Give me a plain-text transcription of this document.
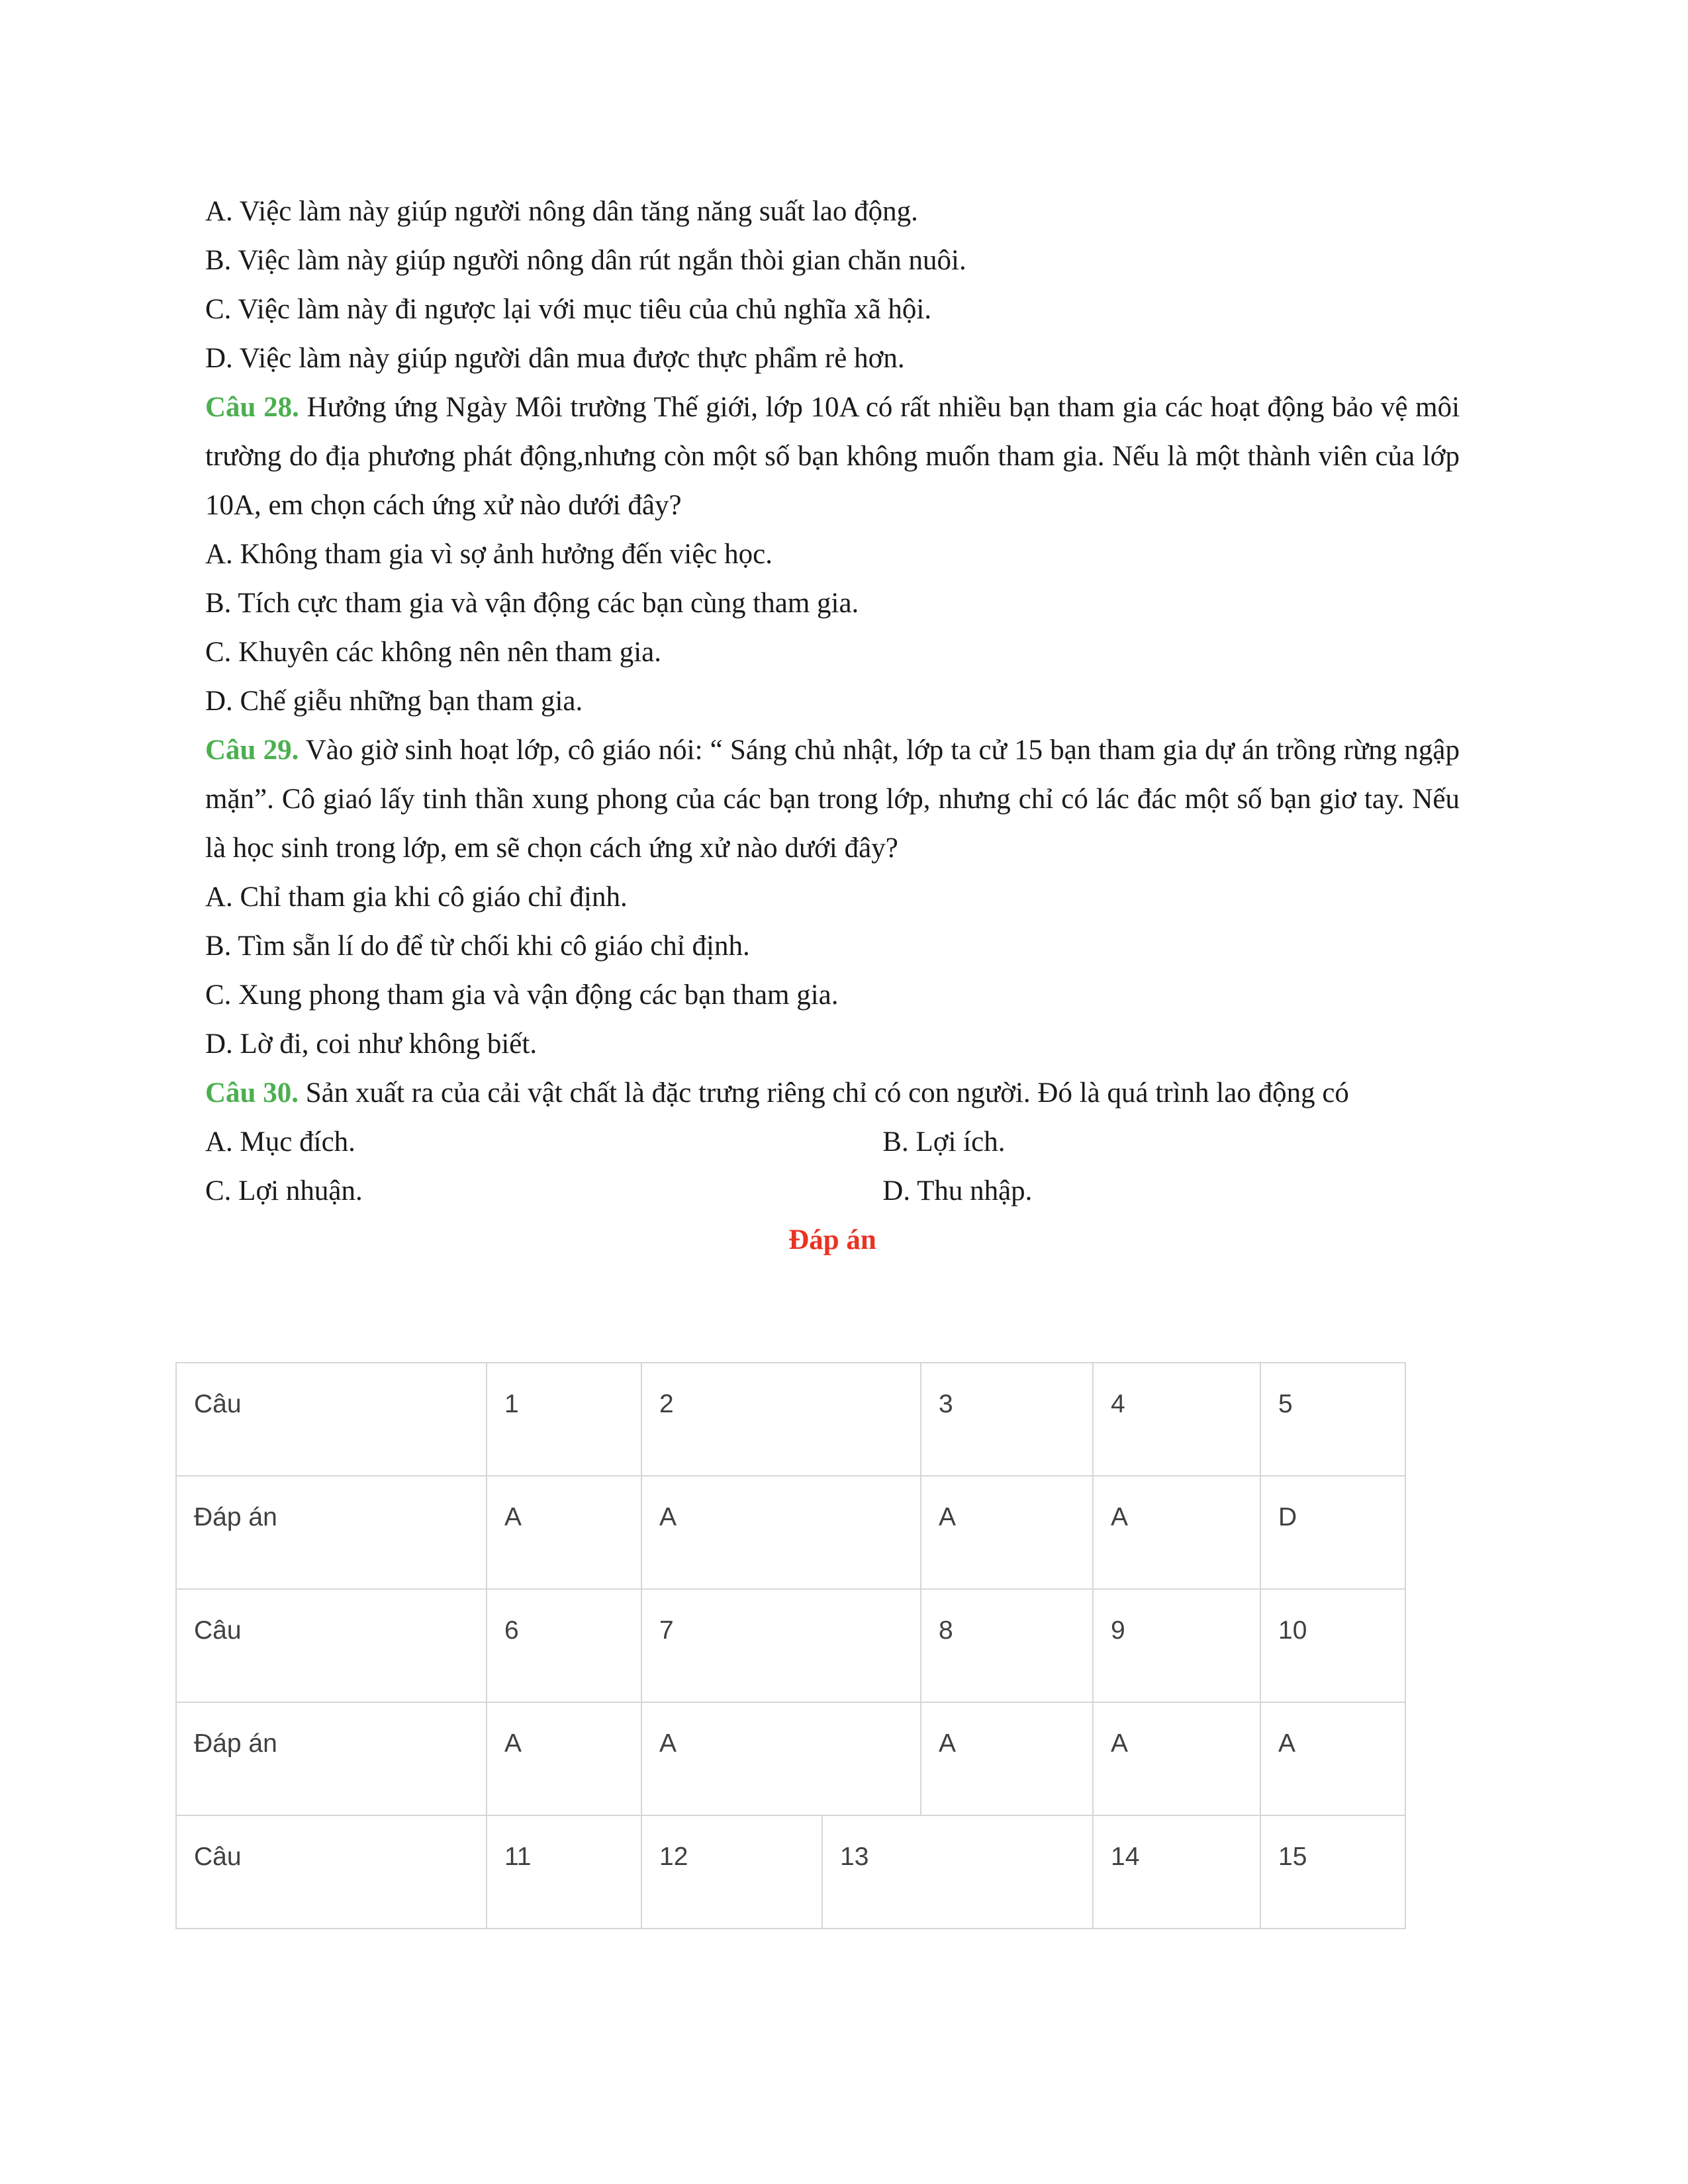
A. Việc làm này giúp người nông dân tăng năng suất lao động.

B. Việc làm này giúp người nông dân rút ngắn thòi gian chăn nuôi.

C. Việc làm này đi ngược lại với mục tiêu của chủ nghĩa xã hội.

D. Việc làm này giúp người dân mua được thực phẩm rẻ hơn.

Câu 28. Hưởng ứng Ngày Môi trường Thế giới, lớp 10A có rất nhiều bạn tham gia các hoạt động bảo vệ môi trường do địa phương phát động,nhưng còn một số bạn không muốn tham gia. Nếu là một thành viên của lớp 10A, em chọn cách ứng xử nào dưới đây?

A. Không tham gia vì sợ ảnh hưởng đến việc học.

B. Tích cực tham gia và vận động các bạn cùng tham gia.

C. Khuyên các không nên nên tham gia.

D. Chế giễu những bạn tham gia.

Câu 29. Vào giờ sinh hoạt lớp, cô giáo nói: “ Sáng chủ nhật, lớp ta cử 15 bạn tham gia dự án trồng rừng ngập mặn”. Cô giaó lấy tinh thần xung phong của các bạn trong lớp, nhưng chỉ có lác đác một số bạn giơ tay. Nếu là học sinh trong lớp, em sẽ chọn cách ứng xử nào dưới đây?

A. Chỉ tham gia khi cô giáo chỉ định.

B. Tìm sẵn lí do để từ chối khi cô giáo chỉ định.

C. Xung phong tham gia và vận động các bạn tham gia.

D. Lờ đi, coi như không biết.

Câu 30. Sản xuất ra của cải vật chất là đặc trưng riêng chỉ có con người. Đó là quá trình lao động có

A. Mục đích.	B. Lợi ích.
C. Lợi nhuận.	D. Thu nhập.

Đáp án

Câu	1	2		3	4	5
Đáp án	A	A		A	A	D
Câu	6	7		8	9	10
Đáp án	A	A		A	A	A
Câu	11	12	13		14	15
